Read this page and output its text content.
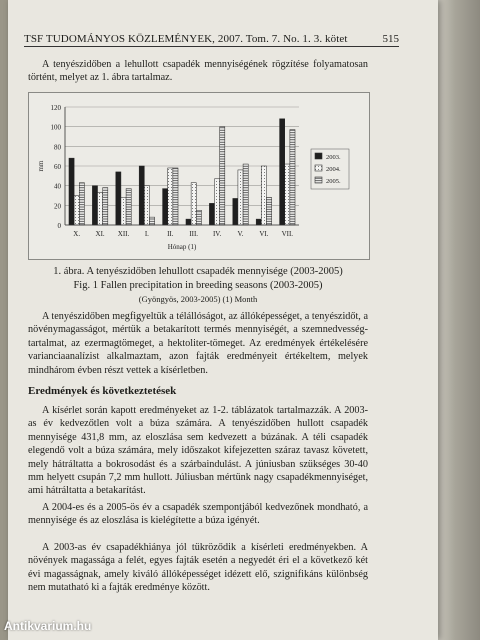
TSF TUDOMÁNYOS KÖZLEMÉNYEK, 2007. Tom. 7. No. 1. 3. kötet	515
A tenyészidőben a lehullott csapadék mennyiségének rögzítése folyamatosan történt, melyet az 1. ábra tartalmaz.
0
20
40
60
80
100
120
X. XI. XII. I.	II. III. IV. V. VI. VII.
Hónap (1)
mm
2003.
2004.
2005.
1. ábra. A tenyészidőben lehullott csapadék mennyisége (2003-2005)
Fig. 1 Fallen precipitation in breeding seasons (2003-2005)
(Gyöngyös, 2003-2005) (1) Month
A tenyészidőben megfigyeltük a télállóságot, az állóképességet, a tenyészidőt, a növénymagasságot, mértük a betakarított termés mennyiségét, a szemnedvesség-tartalmat, az ezermagtömeget, a hektoliter-tömeget. Az eredmények értékelésére varianciaanalízist alkalmaztam, azon fajták eredményeit értékeltem, melyek mindhárom évben részt vettek a kísérletben.
Eredmények és következtetések
A kísérlet során kapott eredményeket az 1-2. táblázatok tartalmazzák. A 2003-as év kedvezőtlen volt a búza számára. A tenyészidőben hullott csapadék mennyisége 431,8 mm, az eloszlása sem kedvezett a búzának. A téli csapadék elegendő volt a búza számára, mely időszakot kifejezetten száraz tavasz követett, mely hátráltatta a bokrosodást és a szárbaindulást. A júniusban szükséges 30-40 mm helyett csupán 7,2 mm hullott. Júliusban mértünk nagy csapadékmennyiséget, ami hátráltatta a betakarítást.
A 2004-es és a 2005-ös év a csapadék szempontjából kedvezőnek mondható, a mennyisége és az eloszlása is kielégítette a búza igényét.
A 2003-as év csapadékhiánya jól tükröződik a kísérleti eredményekben. A növények magassága a felét, egyes fajták esetén a negyedét éri el a következő két évi magasságnak, amely kiváló állóképességet idézett elő, szignifikáns különbség nem mutatható ki a fajták eredménye között.
Antikvarium.hu
